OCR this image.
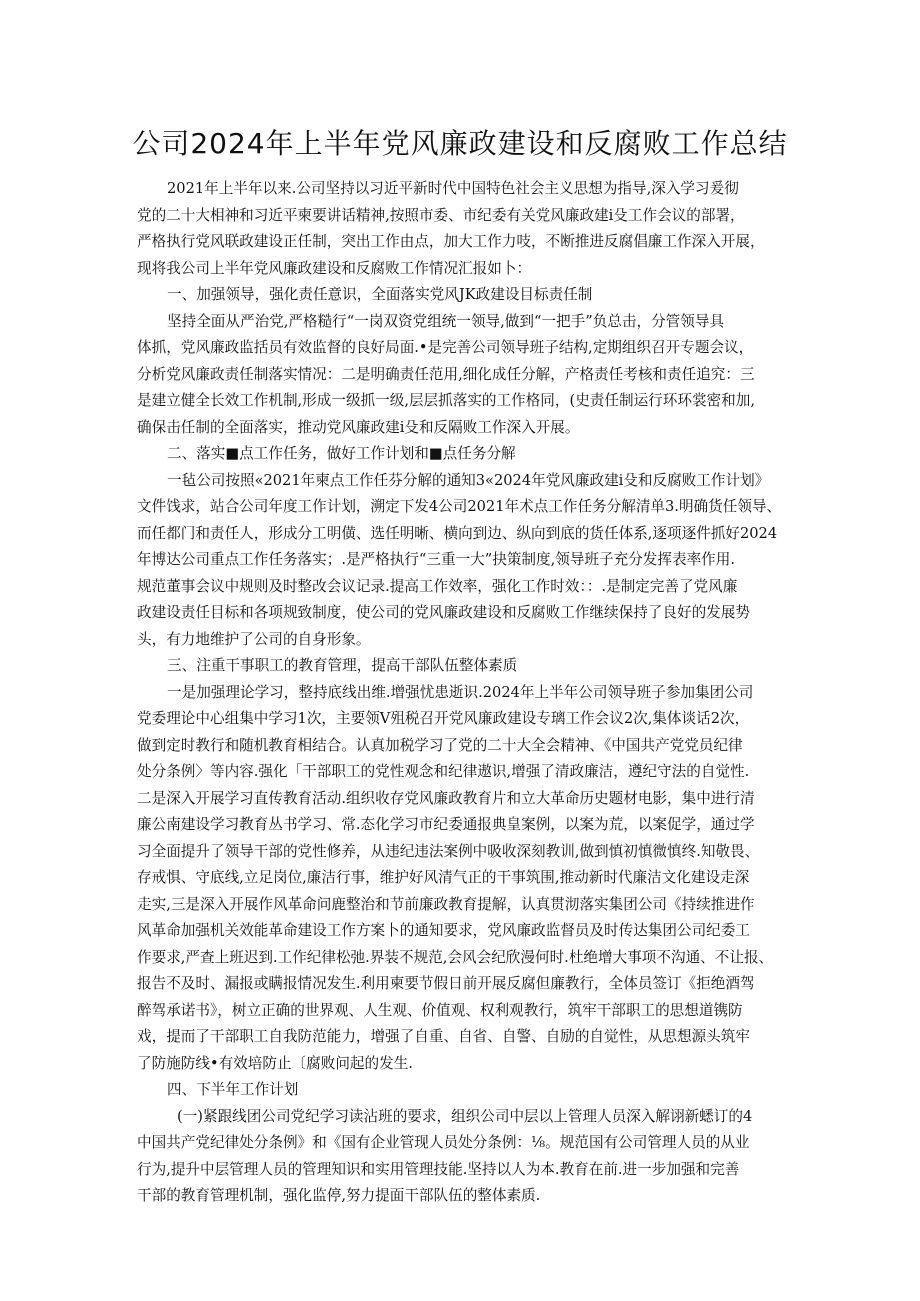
公司2024年上半年党风廉政建设和反腐败工作总结
2021年上半年以来.公司坚持以习近平新时代中国特色社会主义思想为指导,深入学习爰彻
党的二十大相神和习近平柬要讲话精神,按照市委、市纪委有关党风廉政建i殳工作会议的部署，
严格执行党风联政建设正任制，突出工作由点，加大工作力吱，不断推进反腐倡廉工作深入开展，
现将我公司上半年党风廉政建设和反腐败工作情况汇报如卜：
一、加强领导，强化责任意识，全面落实党风JK政建设目标责任制
坚持全面从严治党,严格糙行“一岗双资党组统一领导,做到“一把手”负总击，分管领导具
体抓，党风廉政监括员有效监督的良好局面.•是完善公司领导班子结构,定期组织召开专题会议，
分析党风廉政责任制落实情况：二是明确责任范用,细化成任分解，产格责任考核和责任追究：三
是建立健全长效工作机制,形成一级抓一级,层层抓落实的工作格同，(史责任制运行环环裳密和加,
确保击任制的全面落实，推动党风廉政建i殳和反隔败工作深入开展。
二、落实■点工作任务，做好工作计划和■点任务分解
一毡公司按照«2021年柬点工作任芬分解的通知3«2024年党风廉政建i殳和反腐败工作计划》
文件饯求，站合公司年度工作计划，溯定下发4公司2021年术点工作任务分解清单3.明确货任领导、
而任都门和责任人，形成分工明僙、选任明晰、横向到边、纵向到底的货任体系,逐项逐件抓好2024
年博达公司重点工作任务落实；.是严格执行“三重一大”抉策制度,领导班子充分发挥表率作用.
规范董事会议中规则及时整改会议记录.提高工作效率，强化工作时效：：.是制定完善了党风廉
政建设责任目标和各项规致制度，使公司的党风廉政建设和反腐败工作继续保持了良好的发展势
头，有力地维护了公司的自身形象。
三、注重干事职工的教育管理，提高干部队伍整体素质
一是加强理论学习，整持底线出维.增强忧患逝识.2024年上半年公司领导班子参加集团公司
党委理论中心组集中学习1次，主要领V殂税召开党风廉政建设专璃工作会议2次,集体谈话2次，
做到定时教行和随机教育相结合。认真加税学习了党的二十大全会精神、《中国共产党党员纪律
处分条例〉等内容.强化「干部职工的党性观念和纪律遨识,增强了清政廉洁，遵纪守法的自觉性.
二是深入开展学习直传教育活动.组织收存党风廉政教育片和立大革命历史题材电影，集中进行清
廉公南建设学习教育丛书学习、常.态化学习市纪委通报典皇案例，以案为荒，以案促学，通过学
习全面提升了领导干部的党性修养，从违纪违法案例中吸收深刻教训,做到慎初慎微慎终.知敬畏、
存戒惧、守底线,立足岗位,廉洁行事，维护好风清气正的干事筑围,推动新时代廉洁文化建设走深
走实,三是深入开展作风革命问鹿整治和节前廉政教育提解，认真贯沏落实集团公司《持续推进作
风革命加强机关效能革命建设工作方案卜的通知要求，党风廉政监督员及时传达集团公司纪委工
作要求,严查上班迟到.工作纪律松弛.界装不规范,会风会纪欣漫何时.杜绝增大事项不沟通、不让报、
报告不及时、漏报或瞒报情况发生.利用柬要节假日前开展反腐但廉教行，全体员签订《拒绝酒驾
醉驾承诺书》，树立正确的世界观、人生观、价值观、权利观教行，筑牢干部职工的思想道镌防
戏，提而了干部职工自我防范能力，增强了自重、自省、自警、自励的自觉性，从思想源头筑牢
了防施防线•有效培防止〔腐败问起的发生.
四、下半年工作计划
(一)紧跟线团公司党纪学习读沾班的要求，组织公司中层以上管理人员深入解诩新蟋订的4
中国共产党纪律处分条例》和《国有企业管现人员处分条例：⅛。规范国有公司管理人员的从业
行为,提升中层管理人员的管理知识和实用管理技能.坚持以人为本.教育在前.进一步加强和完善
干部的教育管理机制，强化监停,努力提面干部队伍的整体素质.
